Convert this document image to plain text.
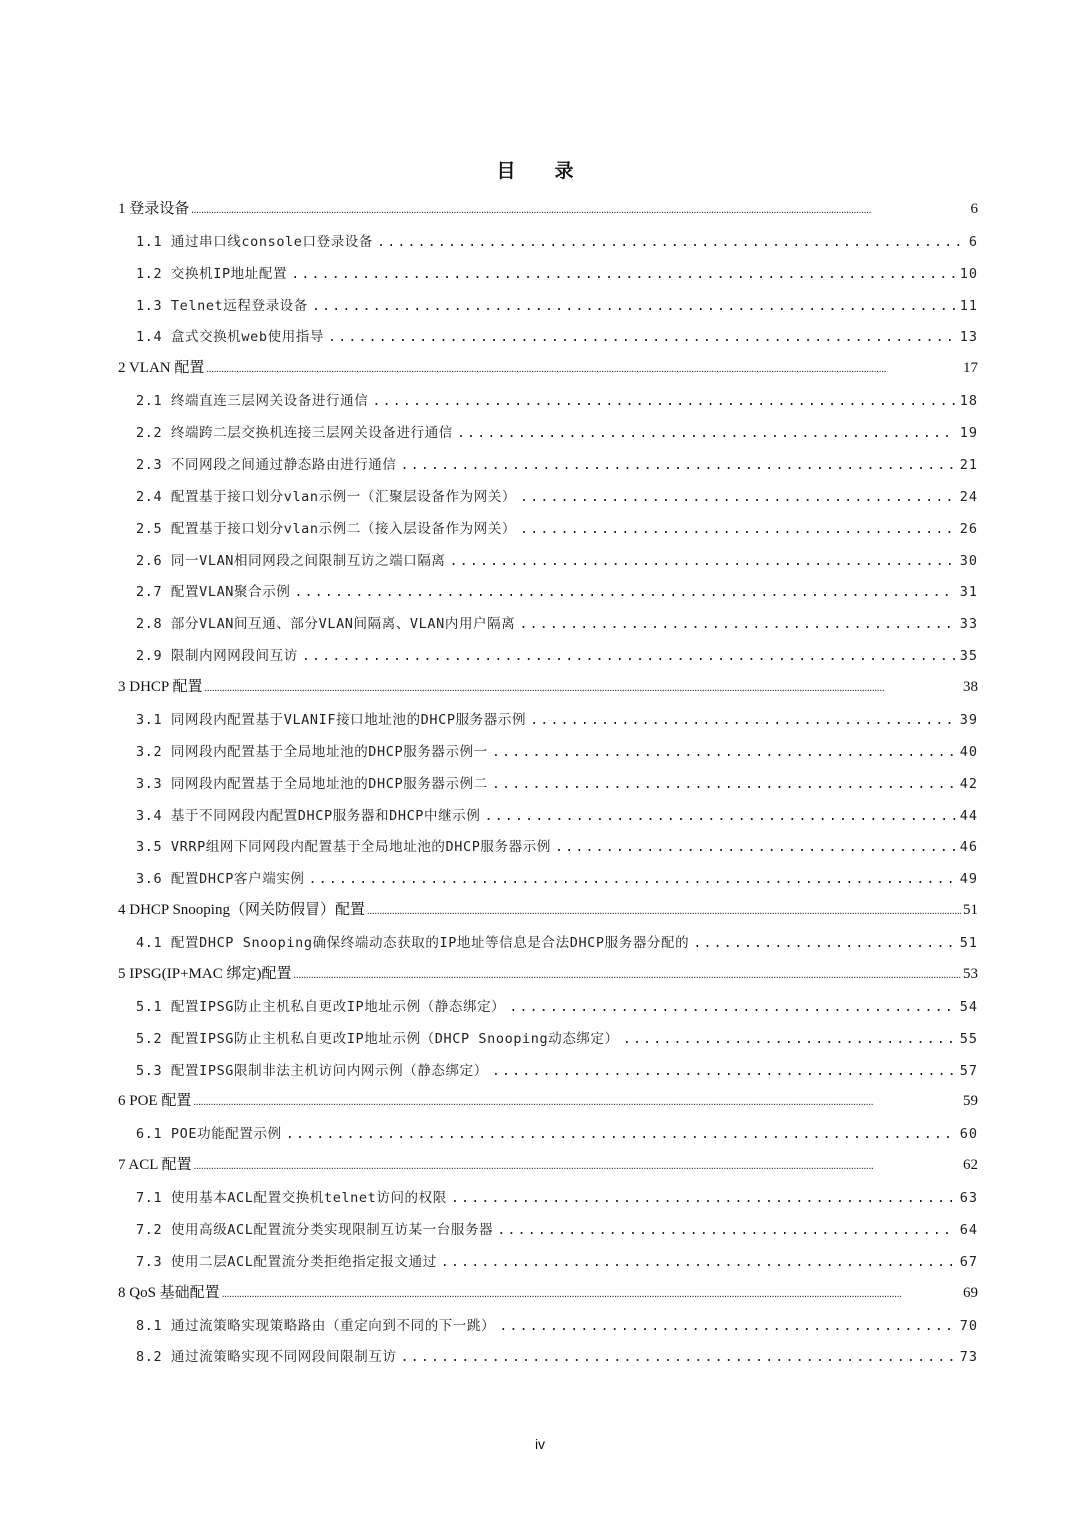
目　录
1 登录设备 .....	6
1.1 通过串口线console口登录设备 .....	6
1.2 交换机IP地址配置 .....	10
1.3 Telnet远程登录设备 .....	11
1.4 盒式交换机web使用指导 .....	13
2 VLAN 配置 .....	17
2.1 终端直连三层网关设备进行通信 .....	18
2.2 终端跨二层交换机连接三层网关设备进行通信 .....	19
2.3 不同网段之间通过静态路由进行通信 .....	21
2.4 配置基于接口划分vlan示例一（汇聚层设备作为网关） .....	24
2.5 配置基于接口划分vlan示例二（接入层设备作为网关） .....	26
2.6 同一VLAN相同网段之间限制互访之端口隔离 .....	30
2.7 配置VLAN聚合示例 .....	31
2.8 部分VLAN间互通、部分VLAN间隔离、VLAN内用户隔离 .....	33
2.9 限制内网网段间互访 .....	35
3 DHCP 配置 .....	38
3.1 同网段内配置基于VLANIF接口地址池的DHCP服务器示例 .....	39
3.2 同网段内配置基于全局地址池的DHCP服务器示例一 .....	40
3.3 同网段内配置基于全局地址池的DHCP服务器示例二 .....	42
3.4 基于不同网段内配置DHCP服务器和DHCP中继示例 .....	44
3.5 VRRP组网下同网段内配置基于全局地址池的DHCP服务器示例 .....	46
3.6 配置DHCP客户端实例 .....	49
4 DHCP Snooping（网关防假冒）配置 .....	51
4.1 配置DHCP Snooping确保终端动态获取的IP地址等信息是合法DHCP服务器分配的 .....	51
5 IPSG(IP+MAC 绑定)配置 .....	53
5.1 配置IPSG防止主机私自更改IP地址示例（静态绑定） .....	54
5.2 配置IPSG防止主机私自更改IP地址示例（DHCP Snooping动态绑定） .....	55
5.3 配置IPSG限制非法主机访问内网示例（静态绑定） .....	57
6 POE 配置 .....	59
6.1 POE功能配置示例 .....	60
7 ACL 配置 .....	62
7.1 使用基本ACL配置交换机telnet访问的权限 .....	63
7.2 使用高级ACL配置流分类实现限制互访某一台服务器 .....	64
7.3 使用二层ACL配置流分类拒绝指定报文通过 .....	67
8 QoS 基础配置 .....	69
8.1 通过流策略实现策略路由（重定向到不同的下一跳） .....	70
8.2 通过流策略实现不同网段间限制互访 .....	73
iv
